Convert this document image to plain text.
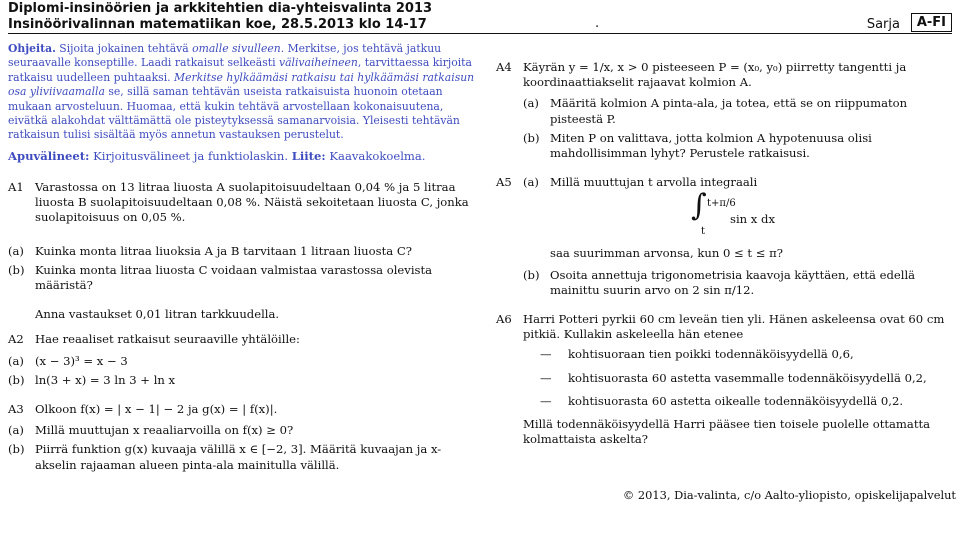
Diplomi-insinöörien ja arkkitehtien dia-yhteisvalinta 2013
Insinöörivalinnan matematiikan koe, 28.5.2013 klo 14-17	.	Sarja	A-FI
Ohjeita. Sijoita jokainen tehtävä omalle sivulleen. Merkitse, jos tehtävä jatkuu seuraavalle konseptille. Laadi ratkaisut selkeästi välivaiheineen, tarvittaessa kirjoita ratkaisu uudelleen puhtaaksi. Merkitse hylkäämäsi ratkaisu tai hylkäämäsi ratkaisun osa yliviivaamalla se, sillä saman tehtävän useista ratkaisuista huonoin otetaan mukaan arvosteluun. Huomaa, että kukin tehtävä arvostellaan kokonaisuutena, eivätkä alakohdat välttämättä ole pisteytyksessä samanarvoisia. Yleisesti tehtävän ratkaisun tulisi sisältää myös annetun vastauksen perustelut.
Apuvälineet: Kirjoitusvälineet ja funktiolaskin. Liite: Kaavakokoelma.
A1 Varastossa on 13 litraa liuosta A suolapitoisuudeltaan 0,04 % ja 5 litraa liuosta B suolapitoisuudeltaan 0,08 %. Näistä sekoitetaan liuosta C, jonka suolapitoisuus on 0,05 %.
(a) Kuinka monta litraa liuoksia A ja B tarvitaan 1 litraan liuosta C?
(b) Kuinka monta litraa liuosta C voidaan valmistaa varastossa olevista määristä?
Anna vastaukset 0,01 litran tarkkuudella.
A2 Hae reaaliset ratkaisut seuraaville yhtälöille:
(a) (x − 3)³ = x − 3
(b) ln(3 + x) = 3 ln 3 + ln x
A3 Olkoon f(x) = | x − 1| − 2 ja g(x) = | f(x)|.
(a) Millä muuttujan x reaaliarvoilla on f(x) ≥ 0?
(b) Piirrä funktion g(x) kuvaaja välillä x ∈ [−2, 3]. Määritä kuvaajan ja x-akselin rajaaman alueen pinta-ala mainitulla välillä.
A4 Käyrän y = 1/x, x > 0 pisteeseen P = (x₀, y₀) piirretty tangentti ja koordinaattiakselit rajaavat kolmion A.
(a) Määritä kolmion A pinta-ala, ja totea, että se on riippumaton pisteestä P.
(b) Miten P on valittava, jotta kolmion A hypotenuusa olisi mahdollisimman lyhyt? Perustele ratkaisusi.
A5 (a) Millä muuttujan t arvolla integraali
∫ t+π/6
t
sin x dx
saa suurimman arvonsa, kun 0 ≤ t ≤ π?
(b) Osoita annettuja trigonometrisia kaavoja käyttäen, että edellä mainittu suurin arvo on 2 sin π/12.
A6 Harri Potteri pyrkii 60 cm leveän tien yli. Hänen askeleensa ovat 60 cm pitkiä. Kullakin askeleella hän etenee
— kohtisuoraan tien poikki todennäköisyydellä 0,6,
— kohtisuorasta 60 astetta vasemmalle todennäköisyydellä 0,2,
— kohtisuorasta 60 astetta oikealle todennäköisyydellä 0,2.
Millä todennäköisyydellä Harri pääsee tien toisele puolelle ottamatta kolmattaista askelta?
© 2013, Dia-valinta, c/o Aalto-yliopisto, opiskelijapalvelut
